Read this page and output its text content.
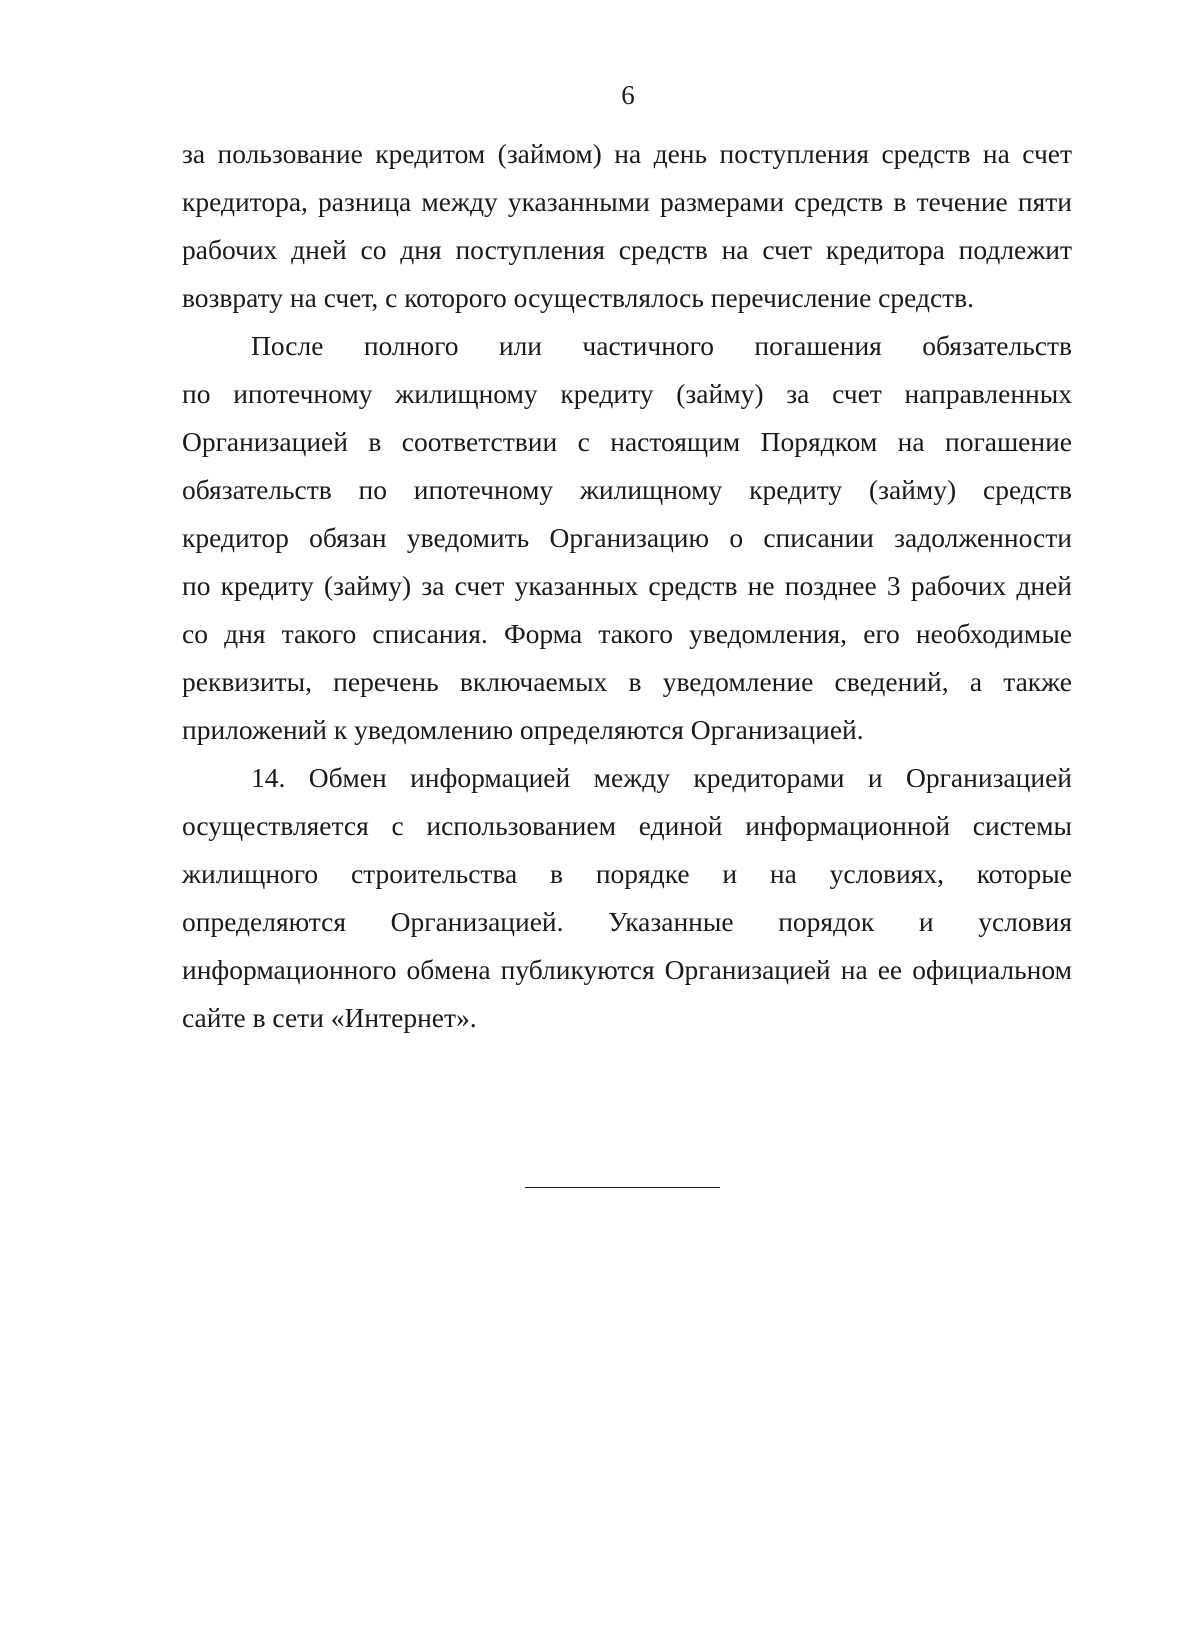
6
за пользование кредитом (займом) на день поступления средств на счет
кредитора, разница между указанными размерами средств в течение пяти
рабочих дней со дня поступления средств на счет кредитора подлежит
возврату на счет, с которого осуществлялось перечисление средств.
После полного или частичного погашения обязательств
по ипотечному жилищному кредиту (займу) за счет направленных
Организацией в соответствии с настоящим Порядком на погашение
обязательств по ипотечному жилищному кредиту (займу) средств
кредитор обязан уведомить Организацию о списании задолженности
по кредиту (займу) за счет указанных средств не позднее 3 рабочих дней
со дня такого списания. Форма такого уведомления, его необходимые
реквизиты, перечень включаемых в уведомление сведений, а также
приложений к уведомлению определяются Организацией.
14. Обмен информацией между кредиторами и Организацией
осуществляется с использованием единой информационной системы
жилищного строительства в порядке и на условиях, которые
определяются Организацией. Указанные порядок и условия
информационного обмена публикуются Организацией на ее официальном
сайте в сети «Интернет».
